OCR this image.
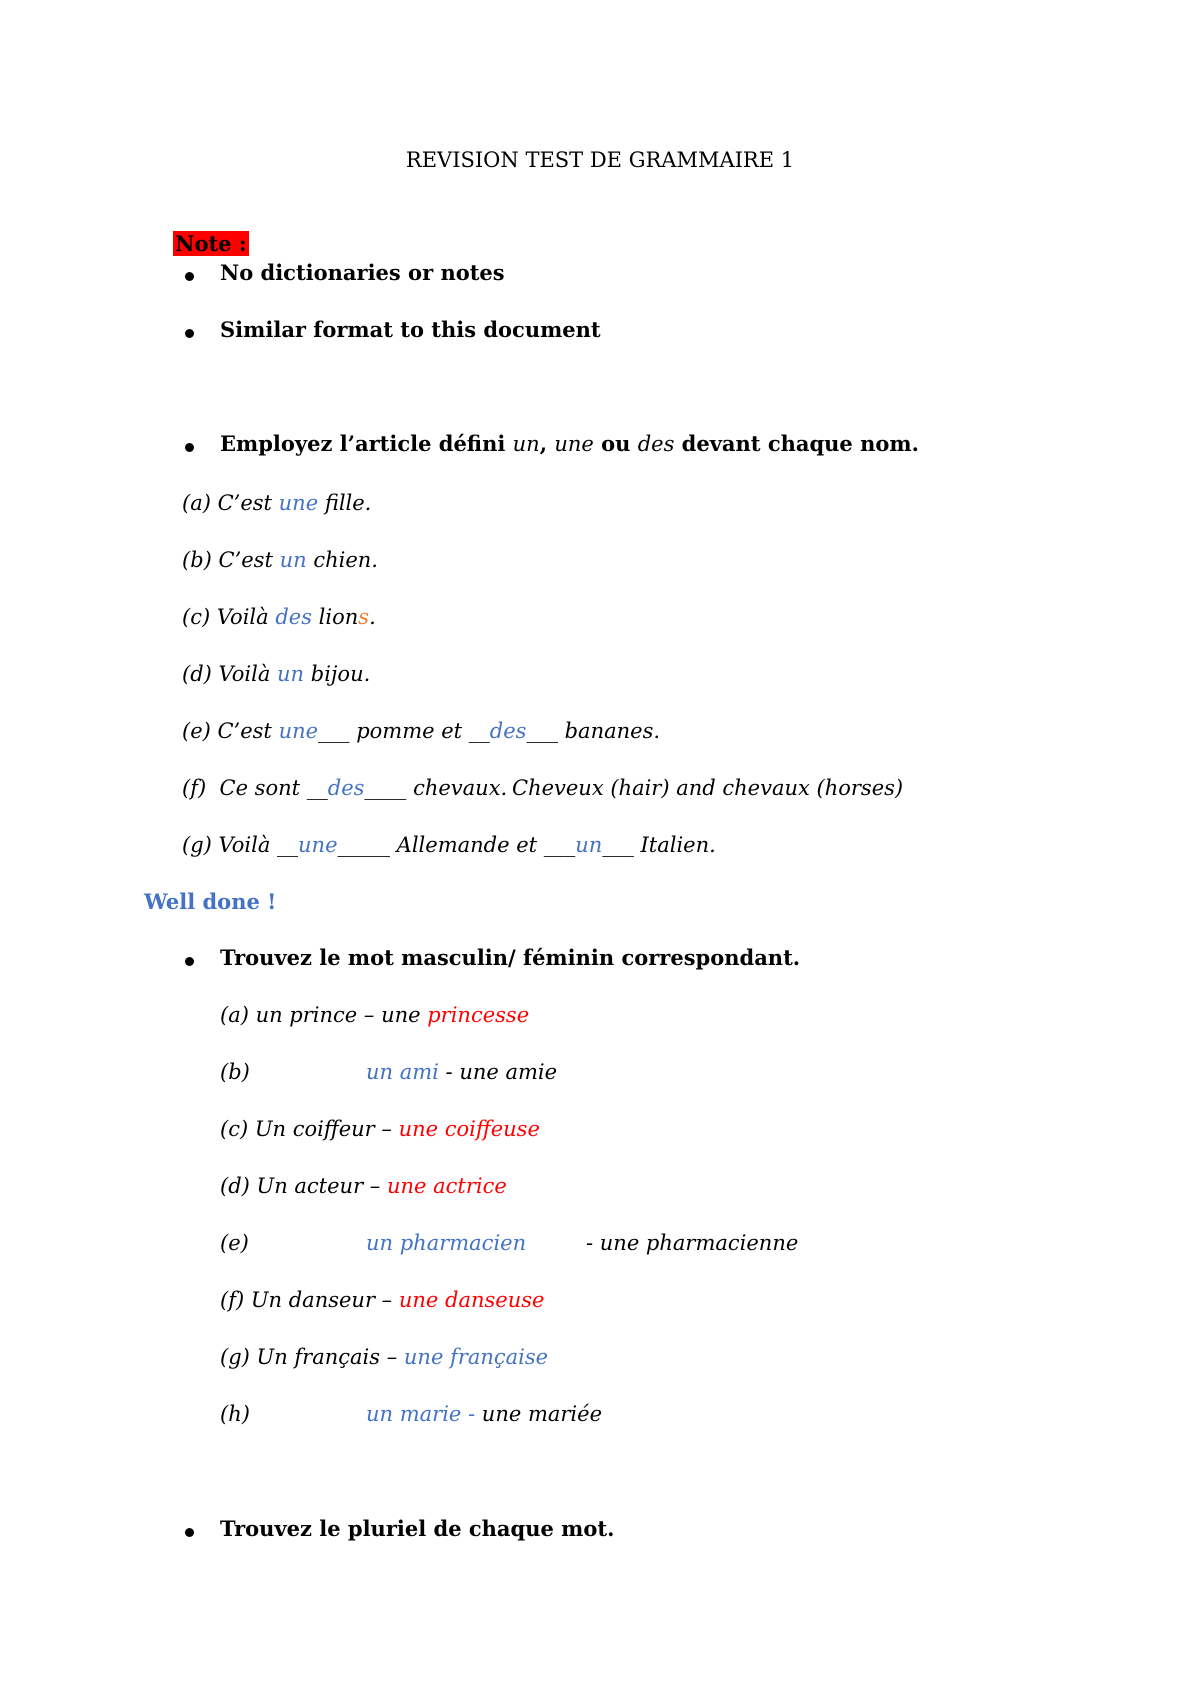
REVISION TEST DE GRAMMAIRE 1

Note :

No dictionaries or notes
Similar format to this document
Employez l’article défini un, une ou des devant chaque nom.
(a) C’est une fille.
(b) C’est un chien.
(c) Voilà des lions.
(d) Voilà un bijou.
(e) C’est une___ pomme et __des___ bananes.
(f)  Ce sont __des____ chevaux. Cheveux (hair) and chevaux (horses)
(g) Voilà __une_____ Allemande et ___un___ Italien.
Well done !
Trouvez le mot masculin/ féminin correspondant.
(a) un prince – une princesse
(b)	un ami - une amie
(c) Un coiffeur – une coiffeuse
(d) Un acteur – une actrice
(e)	un pharmacien	- une pharmacienne
(f) Un danseur – une danseuse
(g) Un français – une française
(h)	un marie - une mariée
Trouvez le pluriel de chaque mot.
